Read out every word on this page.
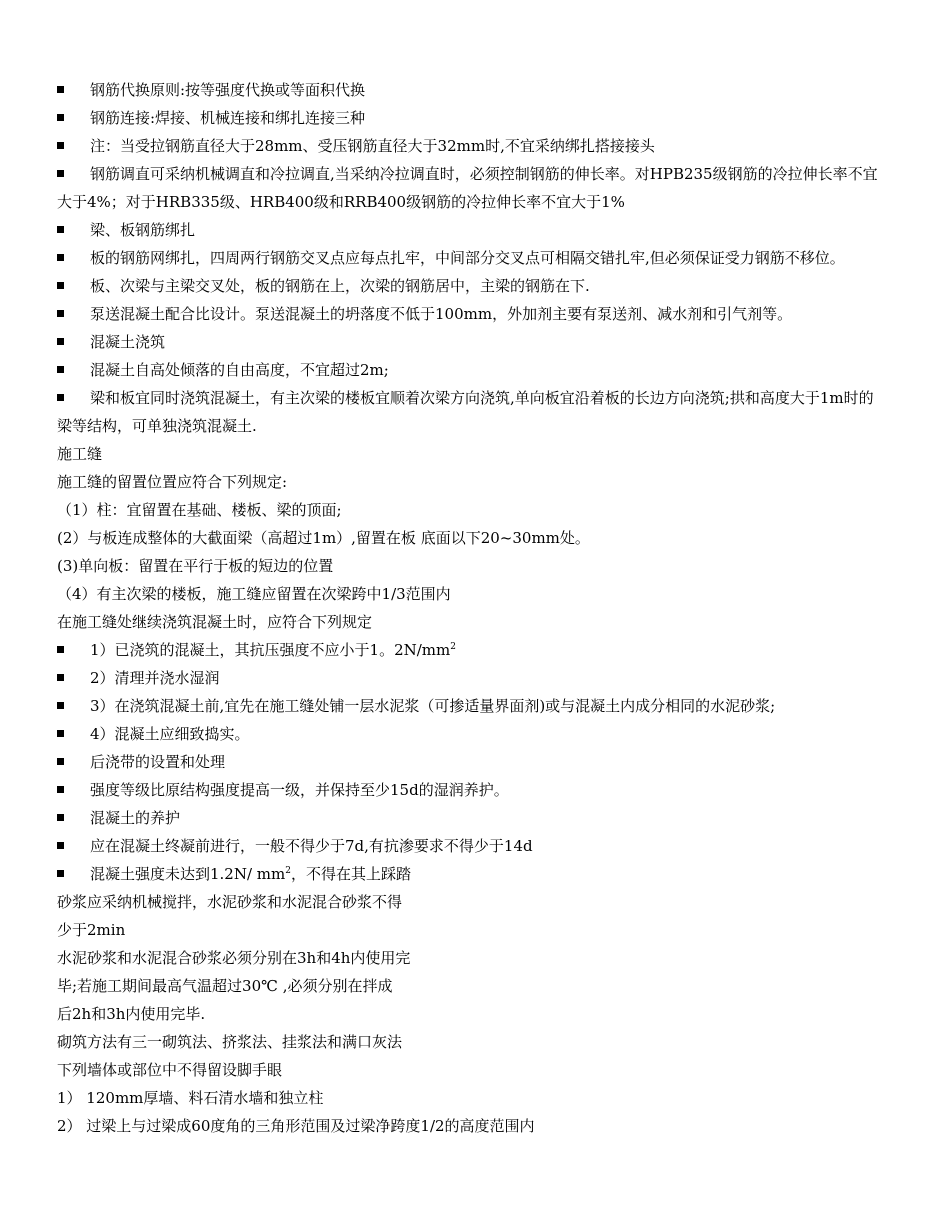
钢筋代换原则:按等强度代换或等面积代换
钢筋连接:焊接、机械连接和绑扎连接三种
注：当受拉钢筋直径大于28mm、受压钢筋直径大于32mm时,不宜采纳绑扎搭接接头
钢筋调直可采纳机械调直和冷拉调直,当采纳冷拉调直时，必须控制钢筋的伸长率。对HPB235级钢筋的冷拉伸长率不宜大于4%；对于HRB335级、HRB400级和RRB400级钢筋的冷拉伸长率不宜大于1%
梁、板钢筋绑扎
板的钢筋网绑扎，四周两行钢筋交叉点应每点扎牢，中间部分交叉点可相隔交错扎牢,但必须保证受力钢筋不移位。
板、次梁与主梁交叉处，板的钢筋在上，次梁的钢筋居中，主梁的钢筋在下.
泵送混凝土配合比设计。泵送混凝土的坍落度不低于100mm，外加剂主要有泵送剂、减水剂和引气剂等。
混凝土浇筑
混凝土自高处倾落的自由高度，不宜超过2m;
梁和板宜同时浇筑混凝土，有主次梁的楼板宜顺着次梁方向浇筑,单向板宜沿着板的长边方向浇筑;拱和高度大于1m时的梁等结构，可单独浇筑混凝土.
施工缝
施工缝的留置位置应符合下列规定:
（1）柱：宜留置在基础、楼板、梁的顶面;
(2）与板连成整体的大截面梁（高超过1m）,留置在板 底面以下20~30mm处。
(3)单向板：留置在平行于板的短边的位置
（4）有主次梁的楼板，施工缝应留置在次梁跨中1/3范围内
在施工缝处继续浇筑混凝土时，应符合下列规定
1）已浇筑的混凝土，其抗压强度不应小于1。$2N/mm^2$
2）清理并浇水湿润
3）在浇筑混凝土前,宜先在施工缝处铺一层水泥浆（可掺适量界面剂)或与混凝土内成分相同的水泥砂浆;
4）混凝土应细致捣实。
后浇带的设置和处理
强度等级比原结构强度提高一级，并保持至少15d的湿润养护。
混凝土的养护
应在混凝土终凝前进行，一般不得少于7d,有抗渗要求不得少于14d
混凝土强度未达到1.2N/ $mm^2$，不得在其上踩踏
砂浆应采纳机械搅拌，水泥砂浆和水泥混合砂浆不得
少于2min
水泥砂浆和水泥混合砂浆必须分别在3h和4h内使用完
毕;若施工期间最高气温超过30℃ ,必须分别在拌成
后2h和3h内使用完毕.
砌筑方法有三一砌筑法、挤浆法、挂浆法和满口灰法
下列墙体或部位中不得留设脚手眼
1） 120mm厚墙、料石清水墙和独立柱
2） 过梁上与过梁成60度角的三角形范围及过梁净跨度1/2的高度范围内
